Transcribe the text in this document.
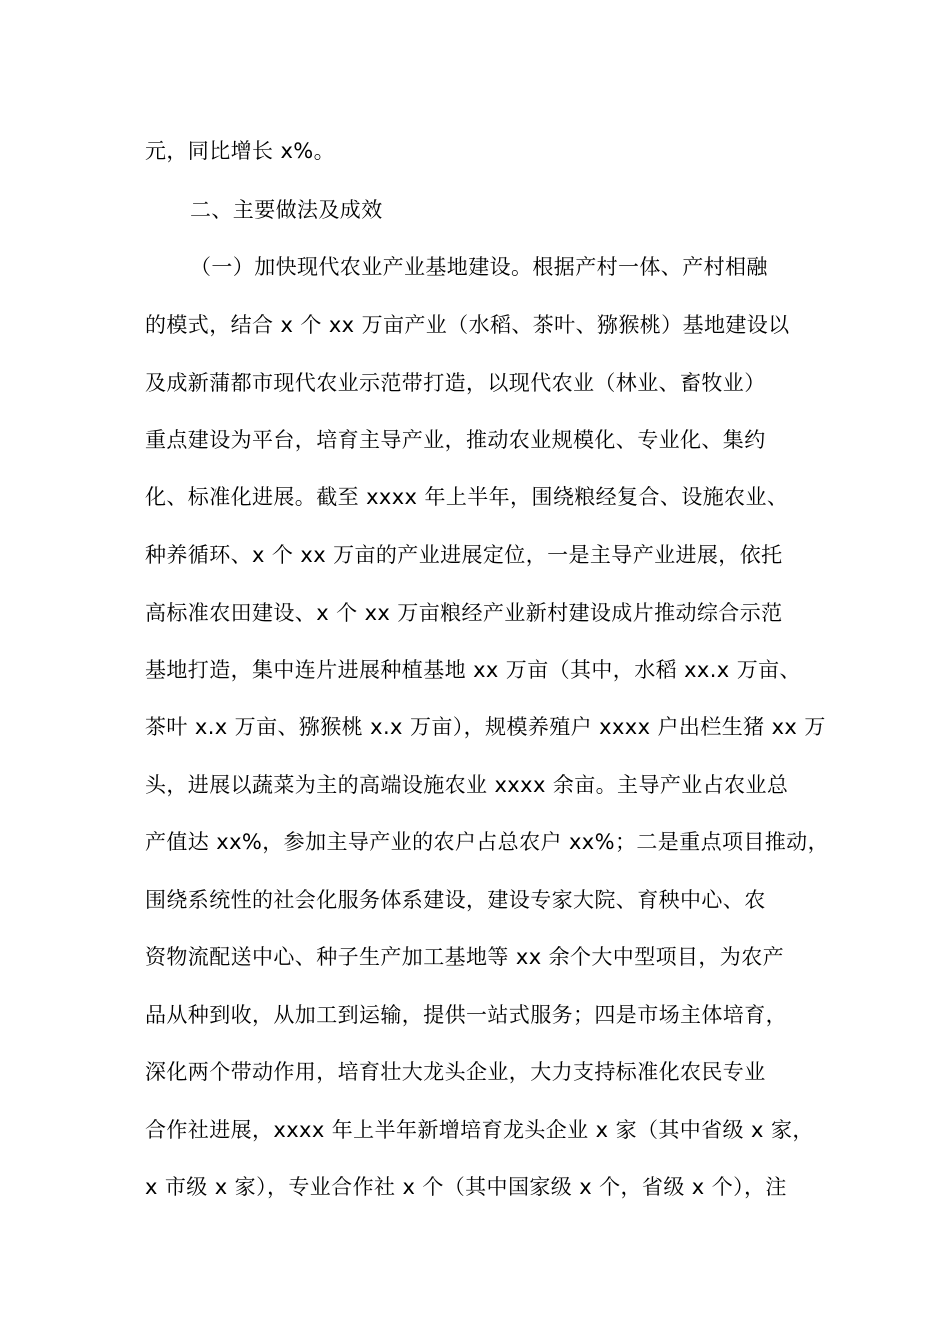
元，同比增长 x%。
二、主要做法及成效
（一）加快现代农业产业基地建设。根据产村一体、产村相融
的模式，结合 x 个 xx 万亩产业（水稻、茶叶、猕猴桃）基地建设以
及成新蒲都市现代农业示范带打造，以现代农业（林业、畜牧业）
重点建设为平台，培育主导产业，推动农业规模化、专业化、集约
化、标准化进展。截至 xxxx 年上半年，围绕粮经复合、设施农业、
种养循环、x 个 xx 万亩的产业进展定位，一是主导产业进展，依托
高标准农田建设、x 个 xx 万亩粮经产业新村建设成片推动综合示范
基地打造，集中连片进展种植基地 xx 万亩（其中，水稻 xx.x 万亩、
茶叶 x.x 万亩、猕猴桃 x.x 万亩），规模养殖户 xxxx 户出栏生猪 xx 万
头，进展以蔬菜为主的高端设施农业 xxxx 余亩。主导产业占农业总
产值达 xx%，参加主导产业的农户占总农户 xx%；二是重点项目推动，
围绕系统性的社会化服务体系建设，建设专家大院、育秧中心、农
资物流配送中心、种子生产加工基地等 xx 余个大中型项目，为农产
品从种到收，从加工到运输，提供一站式服务；四是市场主体培育，
深化两个带动作用，培育壮大龙头企业，大力支持标准化农民专业
合作社进展，xxxx 年上半年新增培育龙头企业 x 家（其中省级 x 家，
x 市级 x 家），专业合作社 x 个（其中国家级 x 个，省级 x 个），注
